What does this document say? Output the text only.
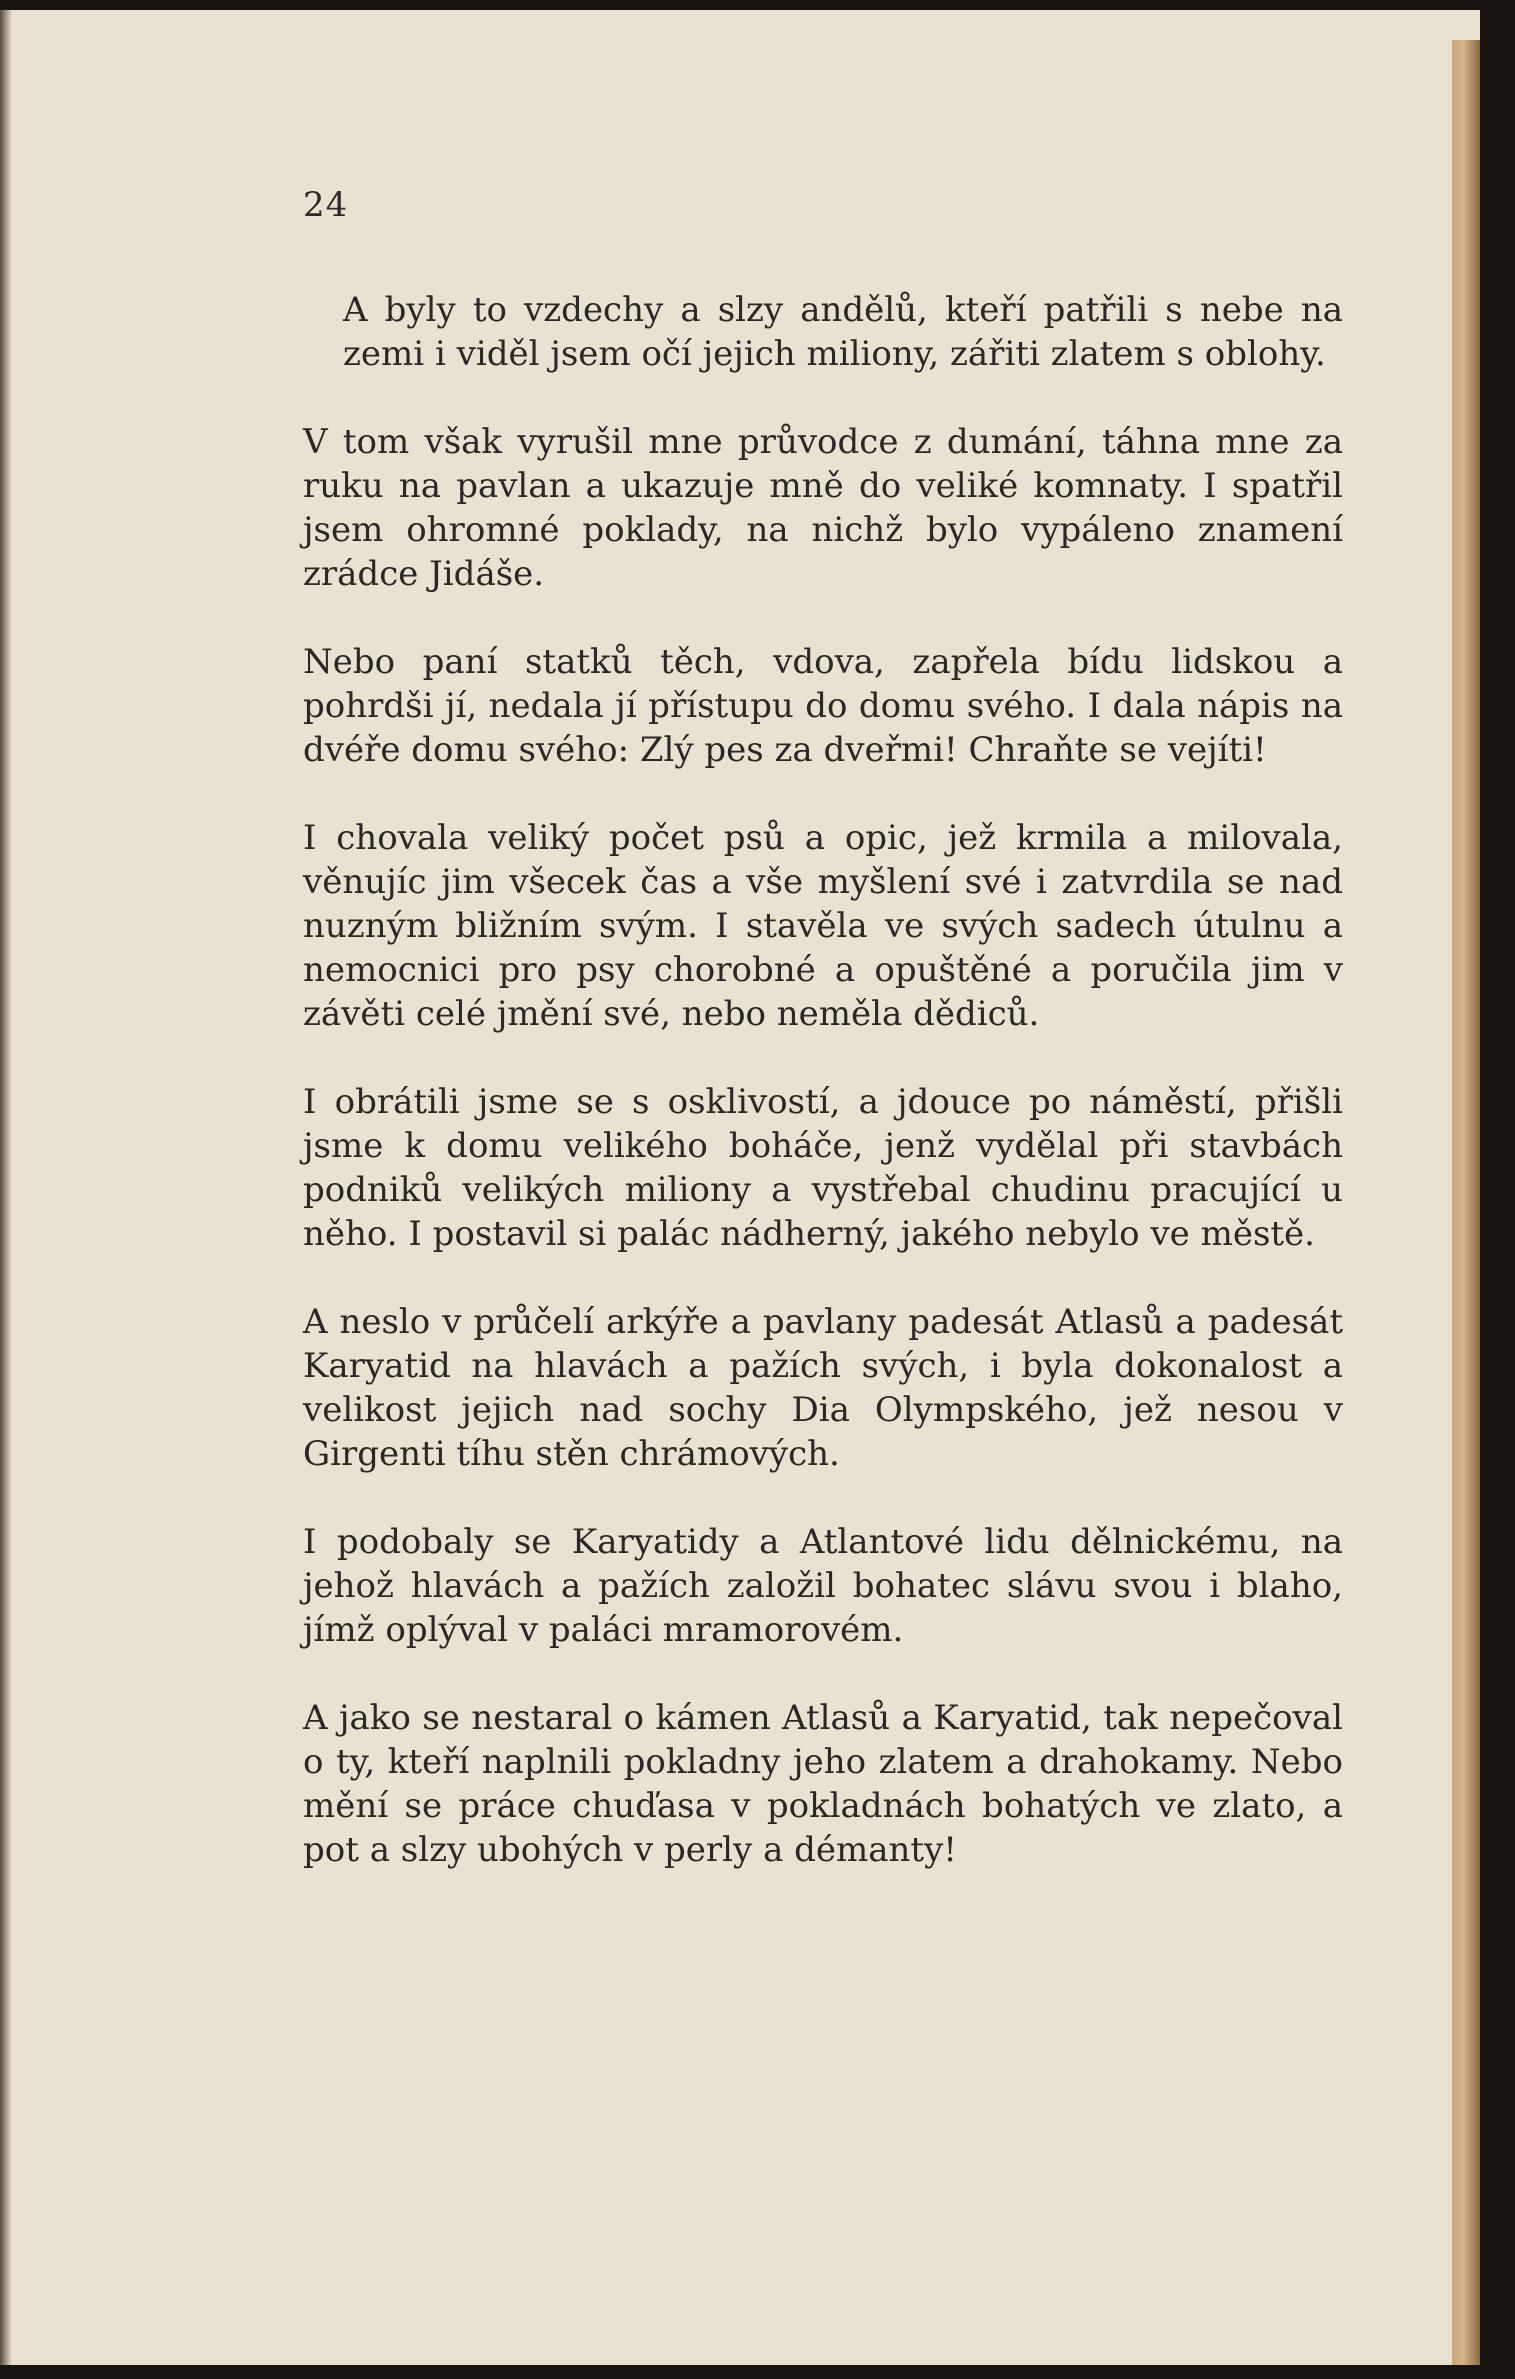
24

A byly to vzdechy a slzy andělů, kteří patřili s nebe na zemi i viděl jsem očí jejich miliony, zářiti zlatem s oblohy.

V tom však vyrušil mne průvodce z dumání, táhna mne za ruku na pavlan a ukazuje mně do veliké komnaty. I spatřil jsem ohromné poklady, na nichž bylo vypáleno znamení zrádce Jidáše.

Nebo paní statků těch, vdova, zapřela bídu lidskou a pohrdši jí, nedala jí přístupu do domu svého. I dala nápis na dvéře domu svého: Zlý pes za dveřmi! Chraňte se vejíti!

I chovala veliký počet psů a opic, jež krmila a milovala, věnujíc jim všecek čas a vše myšlení své i zatvrdila se nad nuzným bližním svým. I stavěla ve svých sadech útulnu a nemocnici pro psy chorobné a opuštěné a poručila jim v závěti celé jmění své, nebo neměla dědiců.

I obrátili jsme se s osklivostí, a jdouce po náměstí, přišli jsme k domu velikého boháče, jenž vydělal při stavbách podniků velikých miliony a vystřebal chudinu pracující u něho. I postavil si palác nádherný, jakého nebylo ve městě.

A neslo v průčelí arkýře a pavlany padesát Atlasů a padesát Karyatid na hlavách a pažích svých, i byla dokonalost a velikost jejich nad sochy Dia Olympského, jež nesou v Girgenti tíhu stěn chrámových.

I podobaly se Karyatidy a Atlantové lidu dělnickému, na jehož hlavách a pažích založil bohatec slávu svou i blaho, jímž oplýval v paláci mramorovém.

A jako se nestaral o kámen Atlasů a Karyatid, tak nepečoval o ty, kteří naplnili pokladny jeho zlatem a drahokamy. Nebo mění se práce chuďasa v pokladnách bohatých ve zlato, a pot a slzy ubohých v perly a démanty!
